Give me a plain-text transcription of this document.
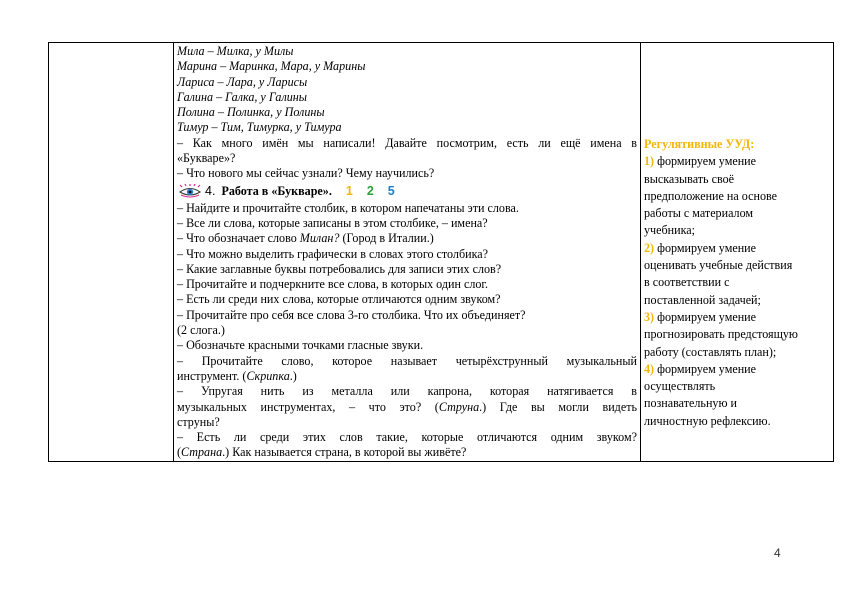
Мила – Милка, у Милы
Марина – Маринка, Мара, у Марины
Лариса – Лара, у Ларисы
Галина – Галка, у Галины
Полина – Полинка, у Полины
Тимур – Тим, Тимурка, у Тимура
– Как много имён мы написали! Давайте посмотрим, есть ли ещё имена в
«Букваре»?
– Что нового мы сейчас узнали? Чему научились?
4. Работа в «Букваре». 1 2 5
– Найдите и прочитайте столбик, в котором напечатаны эти слова.
– Все ли слова, которые записаны в этом столбике, – имена?
– Что обозначает слово Милан? (Город в Италии.)
– Что можно выделить графически в словах этого столбика?
– Какие заглавные буквы потребовались для записи этих слов?
– Прочитайте и подчеркните все слова, в которых один слог.
– Есть ли среди них слова, которые отличаются одним звуком?
– Прочитайте про себя все слова 3-го столбика. Что их объединяет?
(2 слога.)
– Обозначьте красными точками гласные звуки.
– Прочитайте слово, которое называет четырёхструнный музыкальный
инструмент. (Скрипка.)
– Упругая нить из металла или капрона, которая натягивается в
музыкальных инструментах, – что это? (Струна.) Где вы могли видеть
струны?
– Есть ли среди этих слов такие, которые отличаются одним звуком?
(Страна.) Как называется страна, в которой вы живёте?

Регулятивные УУД:
1) формируем умение
высказывать своё
предположение на основе
работы с материалом
учебника;
2) формируем умение
оценивать учебные действия
в соответствии с
поставленной задачей;
3) формируем умение
прогнозировать предстоящую
работу (составлять план);
4) формируем умение
осуществлять
познавательную и
личностную рефлексию.
4
